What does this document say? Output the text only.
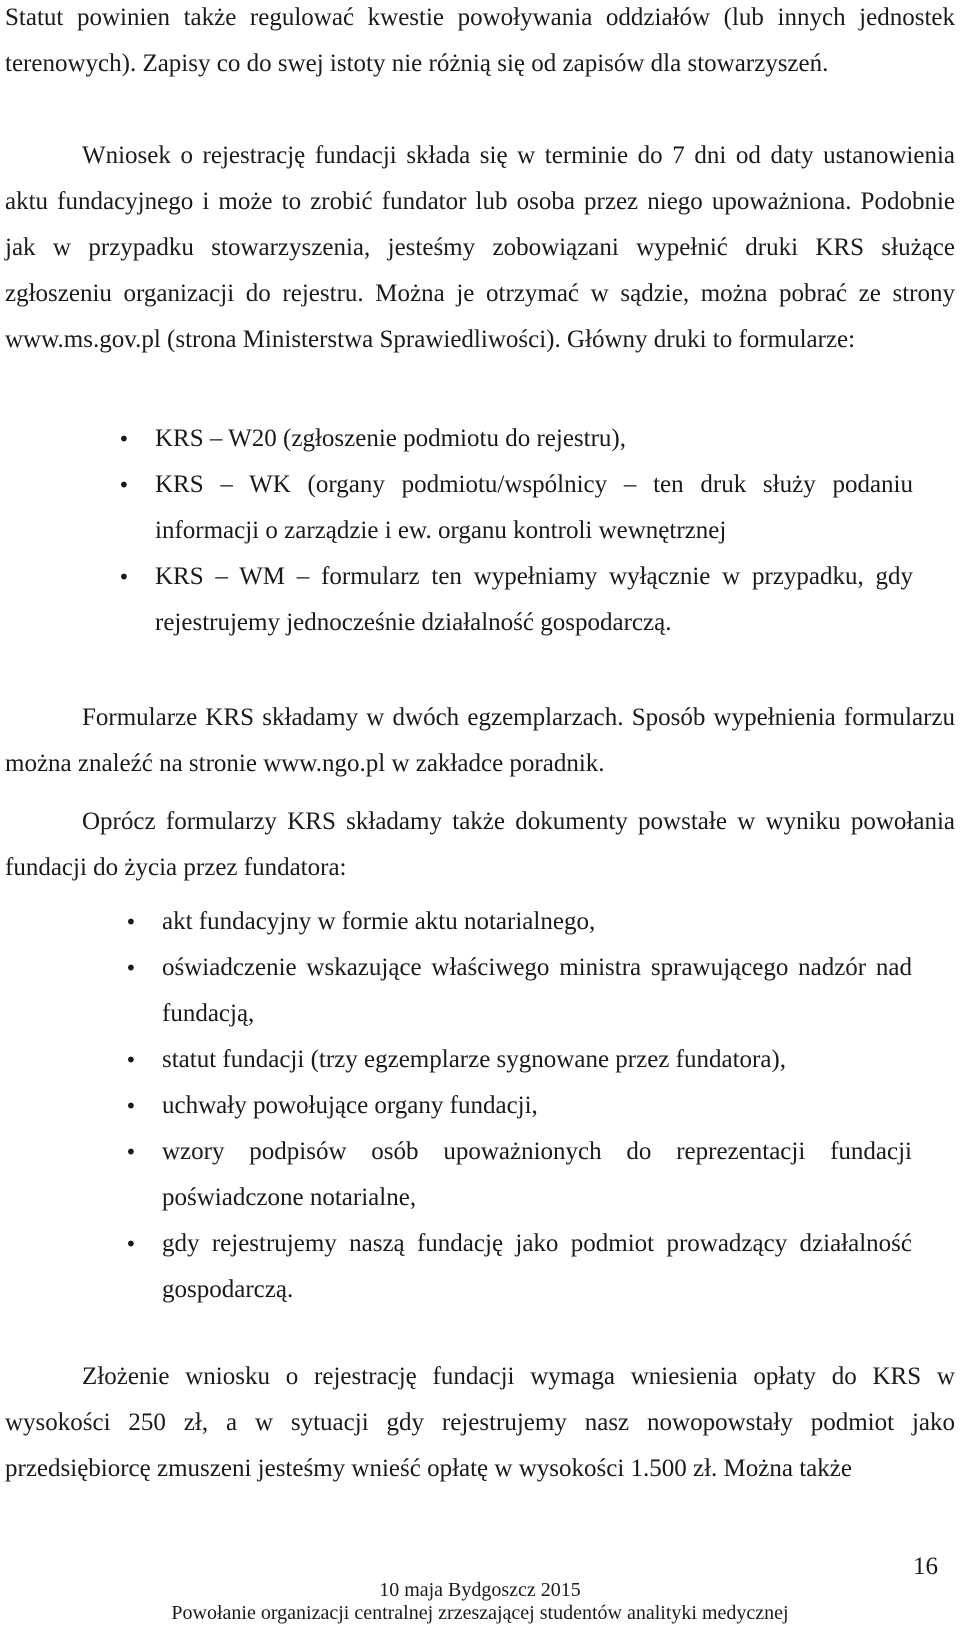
Statut powinien także regulować kwestie powoływania oddziałów (lub innych jednostek terenowych). Zapisy co do swej istoty nie różnią się od zapisów dla stowarzyszeń.

Wniosek o rejestrację fundacji składa się w terminie do 7 dni od daty ustanowienia aktu fundacyjnego i może to zrobić fundator lub osoba przez niego upoważniona. Podobnie jak w przypadku stowarzyszenia, jesteśmy zobowiązani wypełnić druki KRS służące zgłoszeniu organizacji do rejestru. Można je otrzymać w sądzie, można pobrać ze strony www.ms.gov.pl (strona Ministerstwa Sprawiedliwości). Główny druki to formularze:

• KRS – W20 (zgłoszenie podmiotu do rejestru),
• KRS – WK (organy podmiotu/wspólnicy – ten druk służy podaniu informacji o zarządzie i ew. organu kontroli wewnętrznej
• KRS – WM – formularz ten wypełniamy wyłącznie w przypadku, gdy rejestrujemy jednocześnie działalność gospodarczą.

Formularze KRS składamy w dwóch egzemplarzach. Sposób wypełnienia formularzu można znaleźć na stronie www.ngo.pl w zakładce poradnik.

Oprócz formularzy KRS składamy także dokumenty powstałe w wyniku powołania fundacji do życia przez fundatora:

• akt fundacyjny w formie aktu notarialnego,
• oświadczenie wskazujące właściwego ministra sprawującego nadzór nad fundacją,
• statut fundacji (trzy egzemplarze sygnowane przez fundatora),
• uchwały powołujące organy fundacji,
• wzory podpisów osób upoważnionych do reprezentacji fundacji poświadczone notarialne,
• gdy rejestrujemy naszą fundację jako podmiot prowadzący działalność gospodarczą.

Złożenie wniosku o rejestrację fundacji wymaga wniesienia opłaty do KRS w wysokości 250 zł, a w sytuacji gdy rejestrujemy nasz nowopowstały podmiot jako przedsiębiorcę zmuszeni jesteśmy wnieść opłatę w wysokości 1.500 zł. Można także

16
10 maja Bydgoszcz 2015
Powołanie organizacji centralnej zrzeszającej studentów analityki medycznej
